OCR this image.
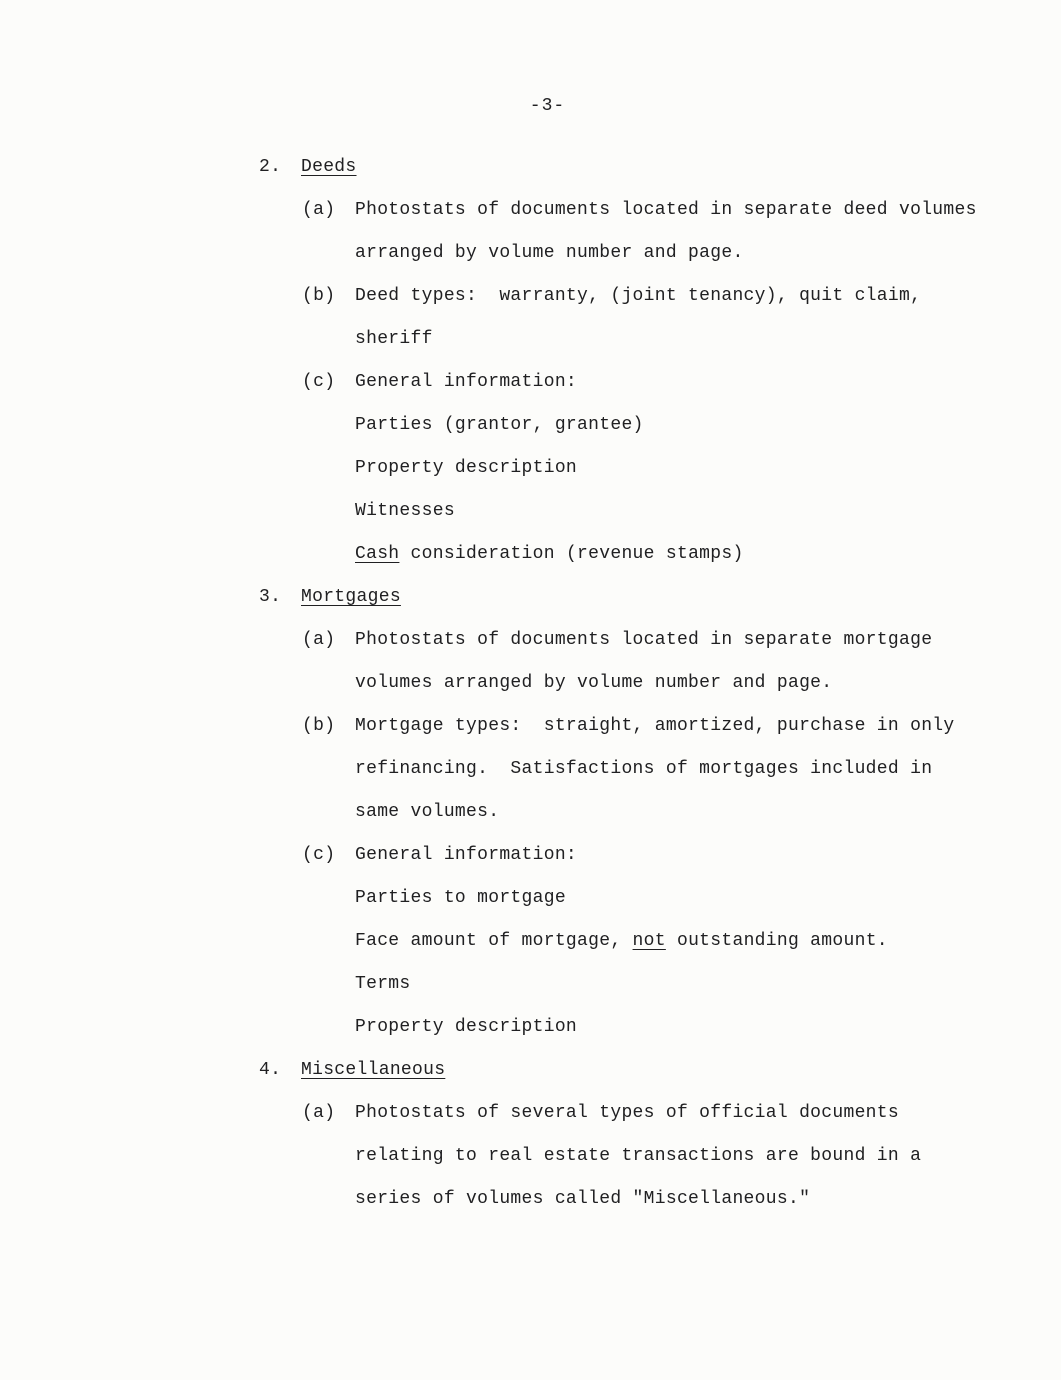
-3-
2. Deeds
(a) Photostats of documents located in separate deed volumes
arranged by volume number and page.
(b) Deed types:  warranty, (joint tenancy), quit claim,
sheriff
(c) General information:
Parties (grantor, grantee)
Property description
Witnesses
Cash consideration (revenue stamps)
3. Mortgages
(a) Photostats of documents located in separate mortgage
volumes arranged by volume number and page.
(b) Mortgage types:  straight, amortized, purchase in only
refinancing.  Satisfactions of mortgages included in
same volumes.
(c) General information:
Parties to mortgage
Face amount of mortgage, not outstanding amount.
Terms
Property description
4. Miscellaneous
(a) Photostats of several types of official documents
relating to real estate transactions are bound in a
series of volumes called "Miscellaneous."
